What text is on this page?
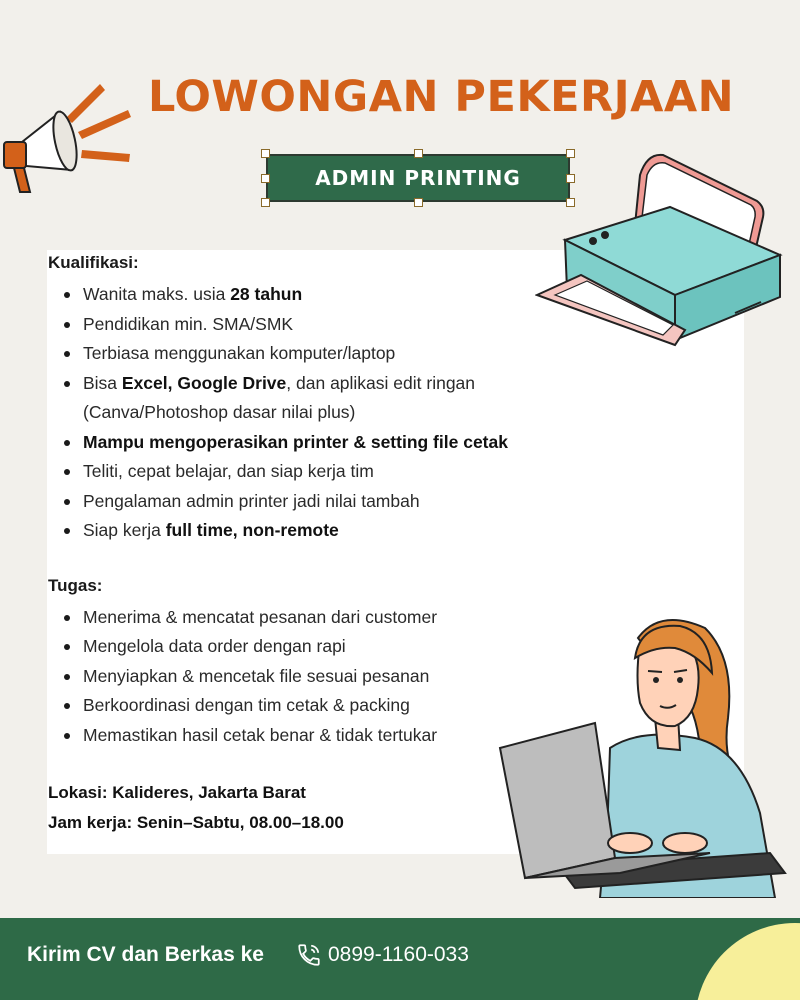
LOWONGAN PEKERJAAN
ADMIN PRINTING
Kualifikasi:
Wanita maks. usia 28 tahun
Pendidikan min. SMA/SMK
Terbiasa menggunakan komputer/laptop
Bisa Excel, Google Drive, dan aplikasi edit ringan (Canva/Photoshop dasar nilai plus)
Mampu mengoperasikan printer & setting file cetak
Teliti, cepat belajar, dan siap kerja tim
Pengalaman admin printer jadi nilai tambah
Siap kerja full time, non-remote
Tugas:
Menerima & mencatat pesanan dari customer
Mengelola data order dengan rapi
Menyiapkan & mencetak file sesuai pesanan
Berkoordinasi dengan tim cetak & packing
Memastikan hasil cetak benar & tidak tertukar
Lokasi: Kalideres, Jakarta Barat
Jam kerja: Senin–Sabtu, 08.00–18.00
Kirim CV dan Berkas ke	0899-1160-033
